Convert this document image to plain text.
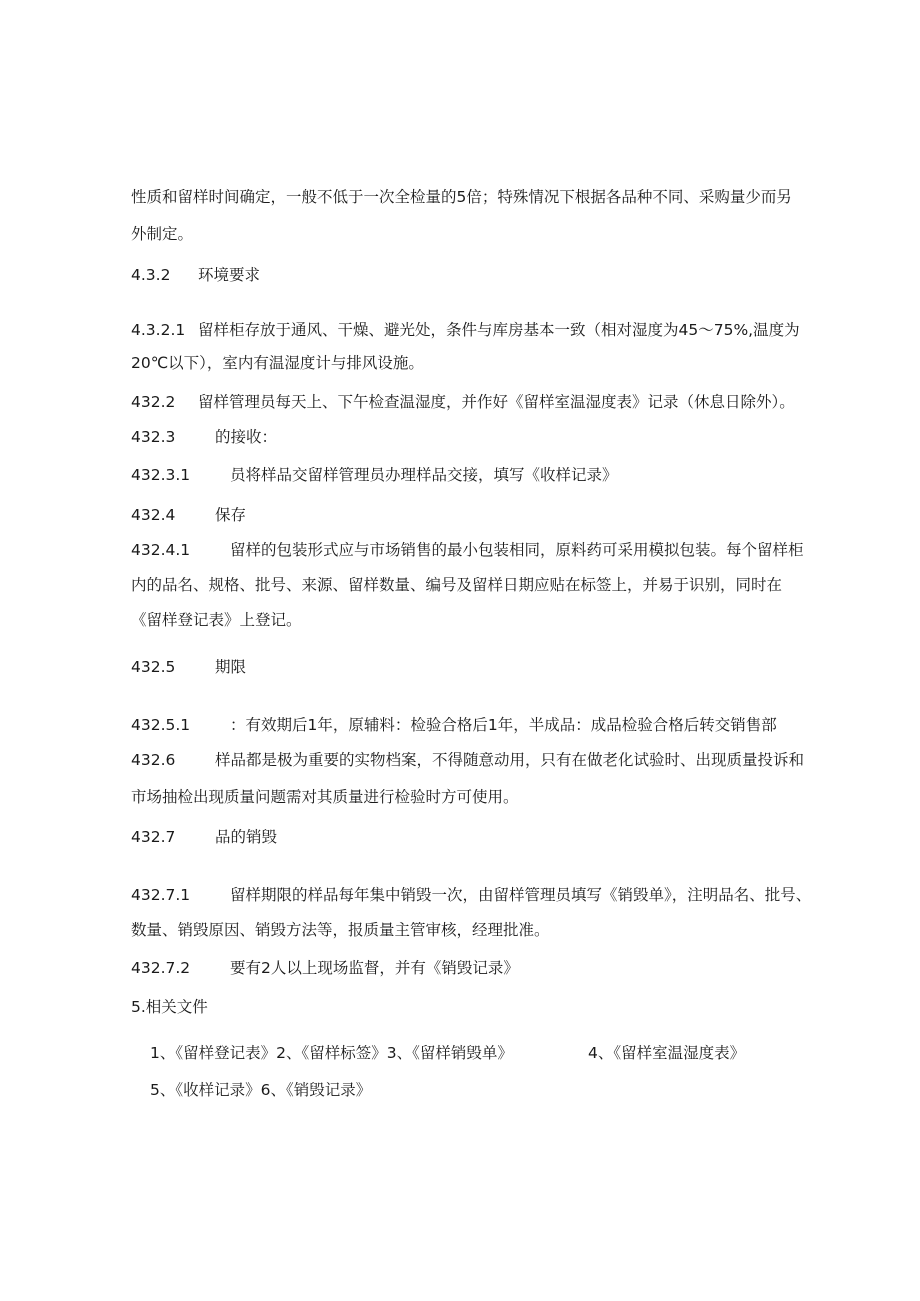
性质和留样时间确定，一般不低于一次全检量的5倍；特殊情况下根据各品种不同、采购量少而另
外制定。
4.3.2 环境要求
4.3.2.1 留样柜存放于通风、干燥、避光处，条件与库房基本一致（相对湿度为45～75%,温度为
20℃以下），室内有温湿度计与排风设施。
432.2 留样管理员每天上、下午检查温湿度，并作好《留样室温湿度表》记录（休息日除外）。
432.3	的接收：
432.3.1	员将样品交留样管理员办理样品交接，填写《收样记录》
432.4	保存
432.4.1	留样的包装形式应与市场销售的最小包装相同，原料药可采用模拟包装。每个留样柜
内的品名、规格、批号、来源、留样数量、编号及留样日期应贴在标签上，并易于识别，同时在
《留样登记表》上登记。
432.5	期限
432.5.1	：有效期后1年，原辅料：检验合格后1年，半成品：成品检验合格后转交销售部
432.6	样品都是极为重要的实物档案，不得随意动用，只有在做老化试验时、出现质量投诉和
市场抽检出现质量问题需对其质量进行检验时方可使用。
432.7	品的销毁
432.7.1	留样期限的样品每年集中销毁一次，由留样管理员填写《销毁单》，注明品名、批号、
数量、销毁原因、销毁方法等，报质量主管审核，经理批准。
432.7.2	要有2人以上现场监督，并有《销毁记录》
5.相关文件
1、《留样登记表》2、《留样标签》3、《留样销毁单》	4、《留样室温湿度表》
5、《收样记录》6、《销毁记录》
